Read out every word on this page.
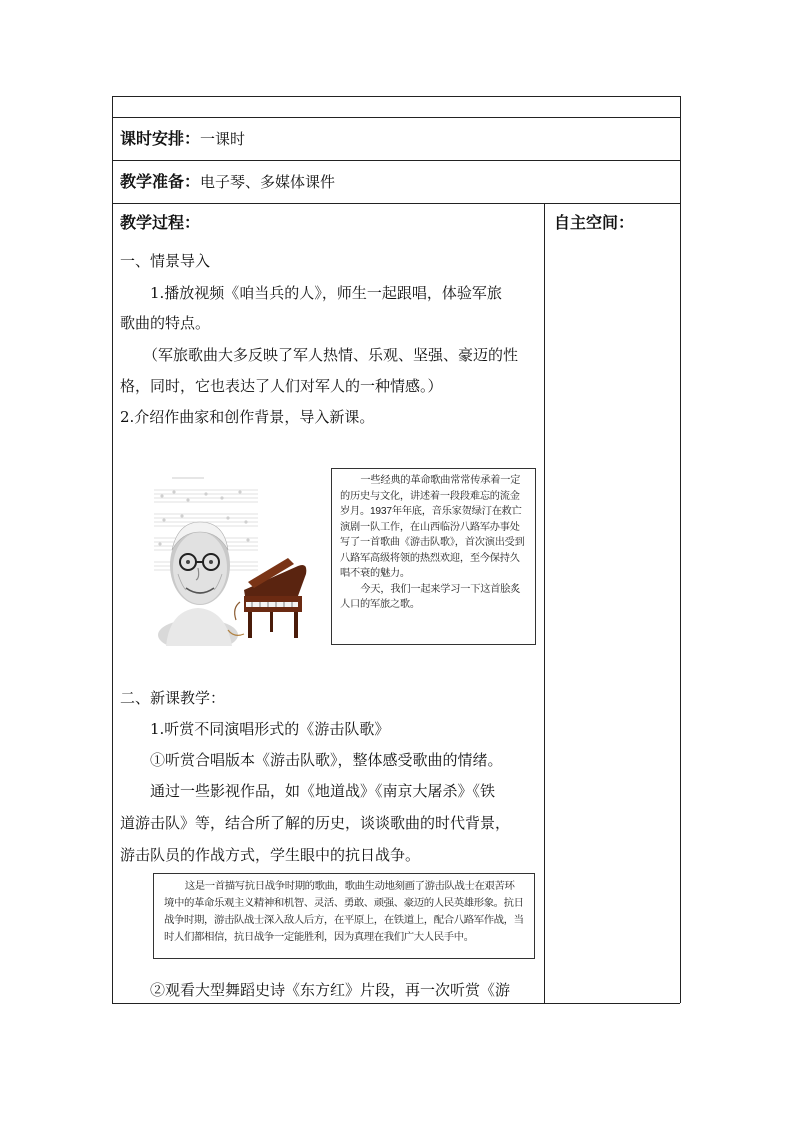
课时安排：一课时
教学准备：电子琴、多媒体课件
教学过程：	自主空间：
一、情景导入
1.播放视频《咱当兵的人》，师生一起跟唱，体验军旅
歌曲的特点。
（军旅歌曲大多反映了军人热情、乐观、坚强、豪迈的性
格，同时，它也表达了人们对军人的一种情感。）
2.介绍作曲家和创作背景，导入新课。

一些经典的革命歌曲常常传承着一定的历史与文化，讲述着一段段难忘的流金岁月。1937年年底，音乐家贺绿汀在救亡演剧一队工作，在山西临汾八路军办事处写了一首歌曲《游击队歌》，首次演出受到八路军高级将领的热烈欢迎，至今保持久唱不衰的魅力。

今天，我们一起来学习一下这首脍炙人口的军旅之歌。

二、新课教学：
1.听赏不同演唱形式的《游击队歌》
①听赏合唱版本《游击队歌》，整体感受歌曲的情绪。
通过一些影视作品，如《地道战》《南京大屠杀》《铁
道游击队》等，结合所了解的历史，谈谈歌曲的时代背景，
游击队员的作战方式，学生眼中的抗日战争。

这是一首描写抗日战争时期的歌曲，歌曲生动地刻画了游击队战士在艰苦环境中的革命乐观主义精神和机智、灵活、勇敢、顽强、豪迈的人民英雄形象。抗日战争时期，游击队战士深入敌人后方，在平原上，在铁道上，配合八路军作战，当时人们都相信，抗日战争一定能胜利，因为真理在我们广大人民手中。

②观看大型舞蹈史诗《东方红》片段，再一次听赏《游
